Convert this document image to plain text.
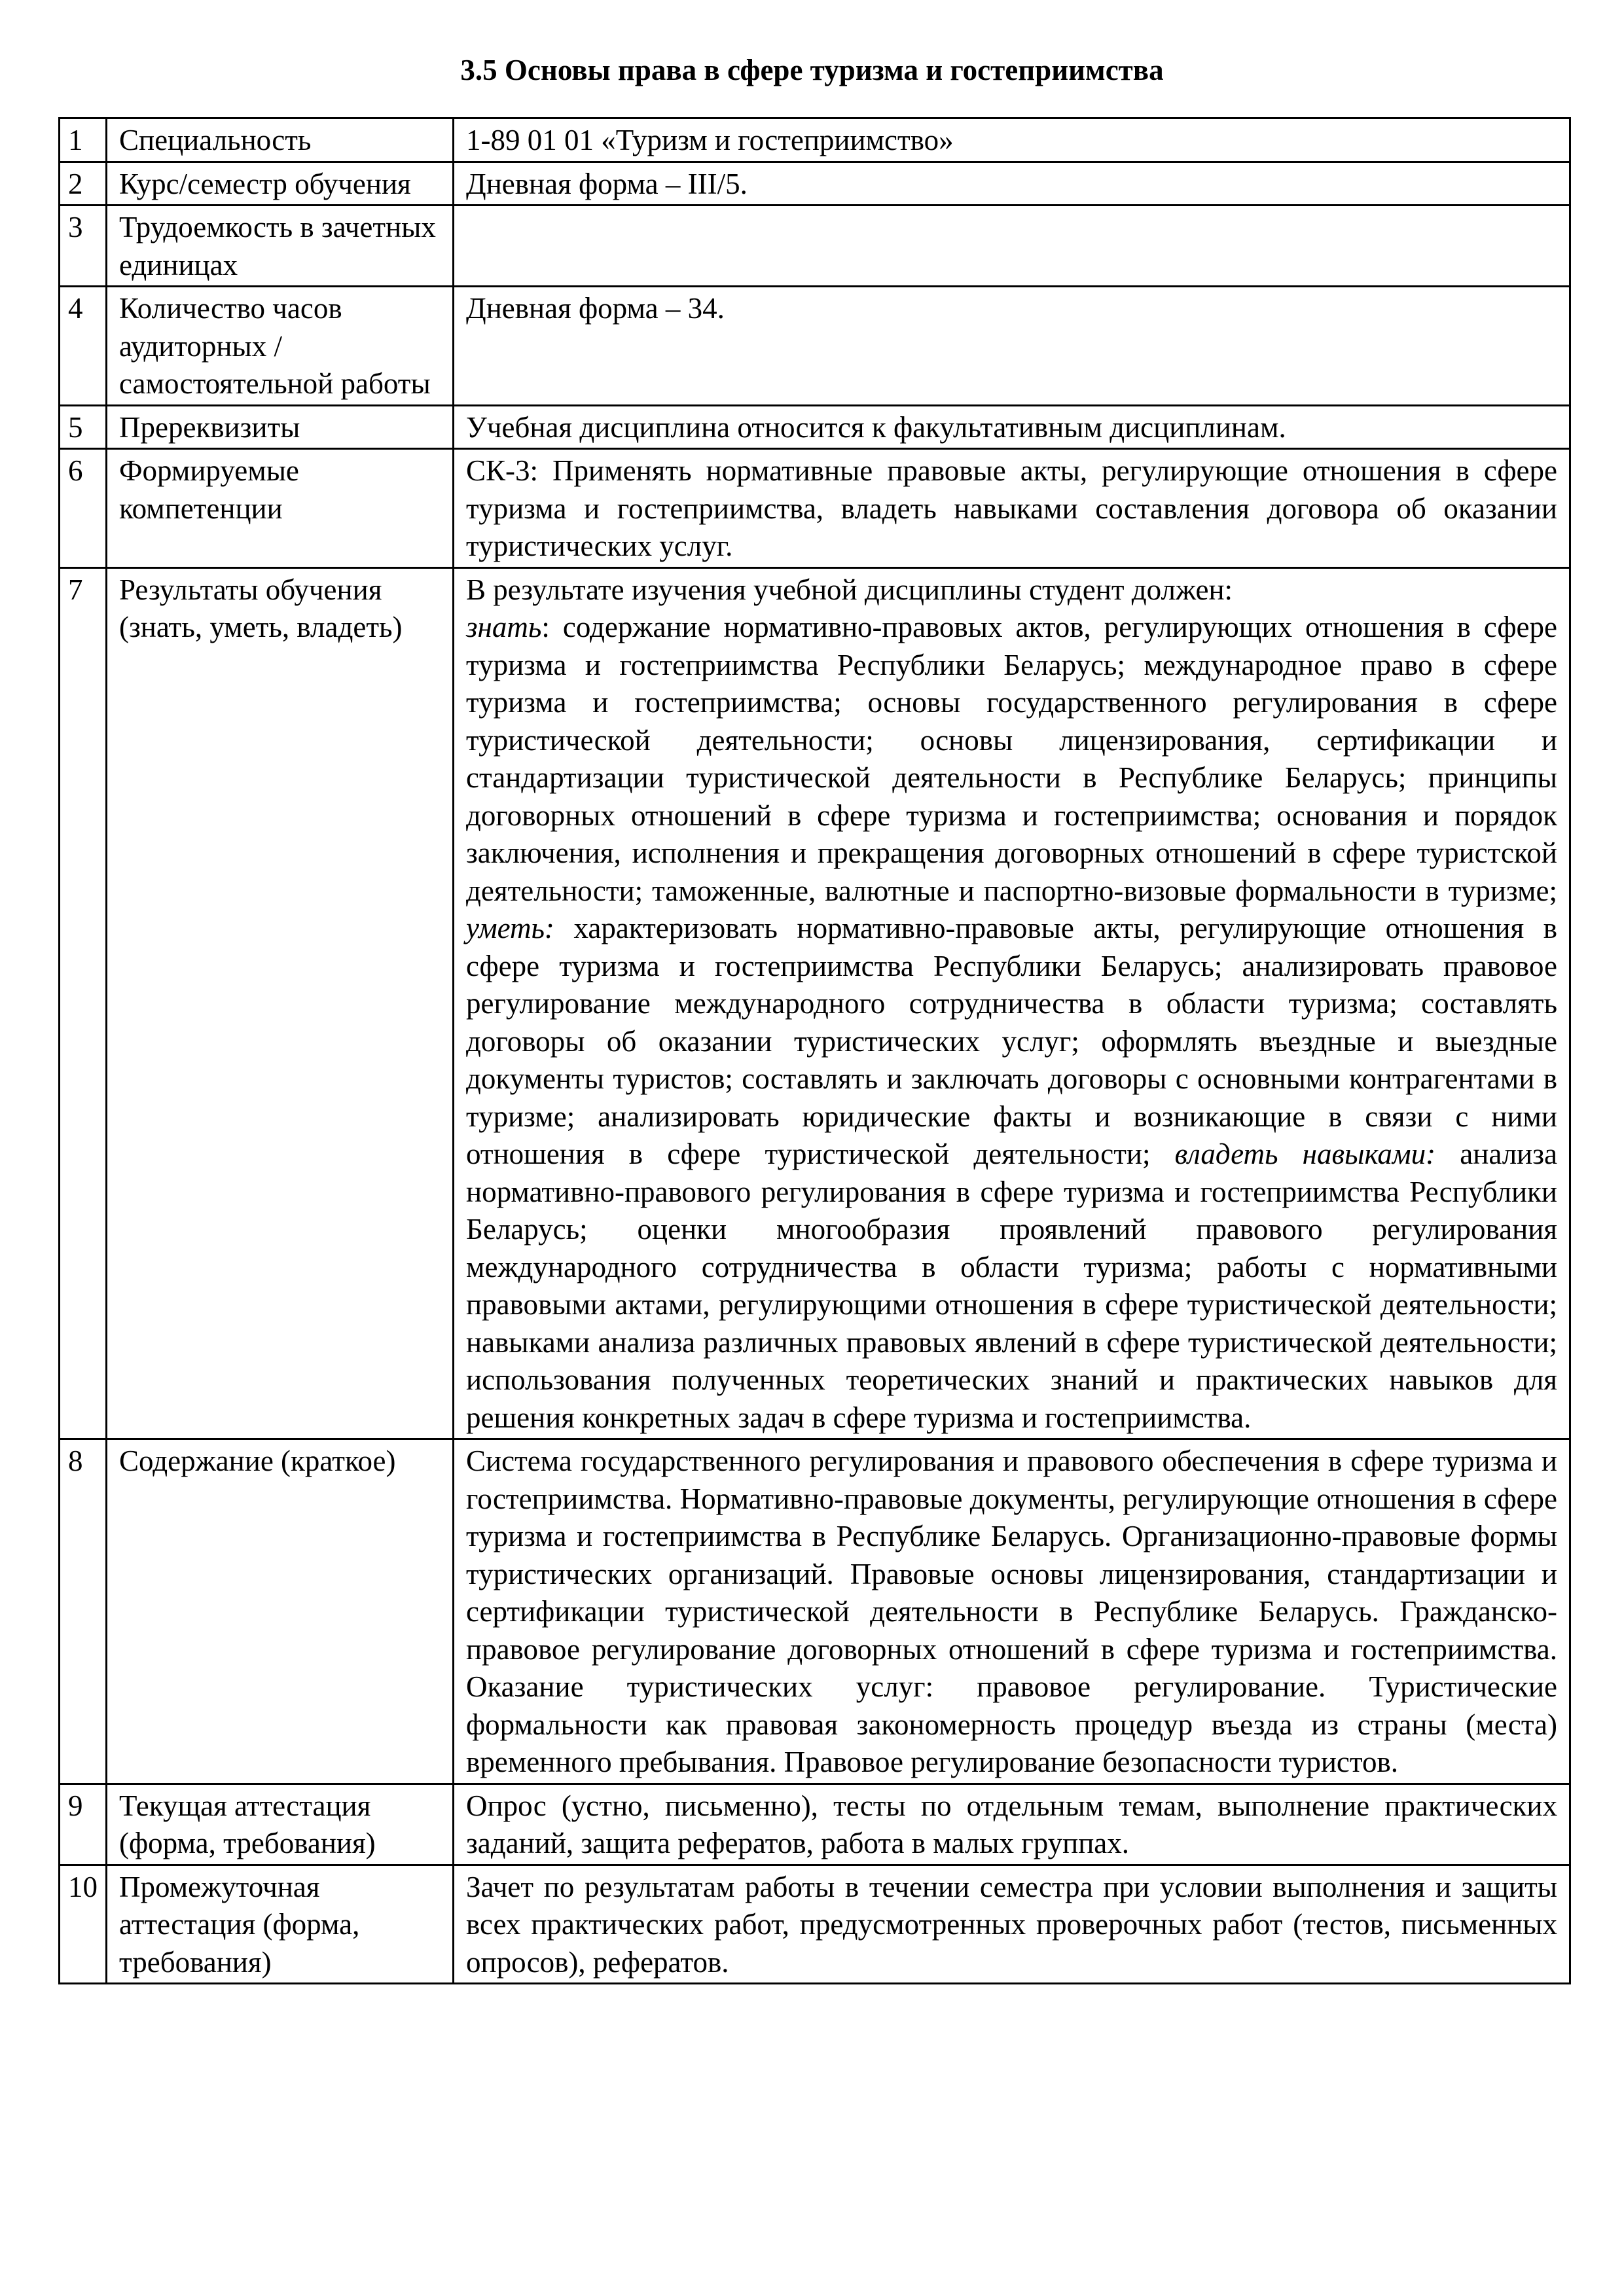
3.5 Основы права в сфере туризма и гостеприимства
1	Специальность	1-89 01 01 «Туризм и гостеприимство»
2	Курс/семестр обучения	Дневная форма – III/5.
3	Трудоемкость в зачетных единицах	
4	Количество часов аудиторных / самостоятельной работы	Дневная форма – 34.
5	Пререквизиты	Учебная дисциплина относится к факультативным дисциплинам.
6	Формируемые компетенции	СК-3: Применять нормативные правовые акты, регулирующие отношения в сфере туризма и гостеприимства, владеть навыками составления договора об оказании туристических услуг.
7	Результаты обучения (знать, уметь, владеть)	В результате изучения учебной дисциплины студент должен:

знать: содержание нормативно-правовых актов, регулирующих отношения в сфере туризма и гостеприимства Республики Беларусь; международное право в сфере туризма и гостеприимства; основы государственного регулирования в сфере туристической деятельности; основы лицензирования, сертификации и стандартизации туристической деятельности в Республике Беларусь; принципы договорных отношений в сфере туризма и гостеприимства; основания и порядок заключения, исполнения и прекращения договорных отношений в сфере туристской деятельности; таможенные, валютные и паспортно-визовые формальности в туризме; уметь: характеризовать нормативно-правовые акты, регулирующие отношения в сфере туризма и гостеприимства Республики Беларусь; анализировать правовое регулирование международного сотрудничества в области туризма; составлять договоры об оказании туристических услуг; оформлять въездные и выездные документы туристов; составлять и заключать договоры с основными контрагентами в туризме; анализировать юридические факты и возникающие в связи с ними отношения в сфере туристической деятельности; владеть навыками: анализа нормативно-правового регулирования в сфере туризма и гостеприимства Республики Беларусь; оценки многообразия проявлений правового регулирования международного сотрудничества в области туризма; работы с нормативными правовыми актами, регулирующими отношения в сфере туристической деятельности; навыками анализа различных правовых явлений в сфере туристической деятельности; использования полученных теоретических знаний и практических навыков для решения конкретных задач в сфере туризма и гостеприимства.

8	Содержание (краткое)	Система государственного регулирования и правового обеспечения в сфере туризма и гостеприимства. Нормативно-правовые документы, регулирующие отношения в сфере туризма и гостеприимства в Республике Беларусь. Организационно-правовые формы туристических организаций. Правовые основы лицензирования, стандартизации и сертификации туристической деятельности в Республике Беларусь. Гражданско-правовое регулирование договорных отношений в сфере туризма и гостеприимства. Оказание туристических услуг: правовое регулирование. Туристические формальности как правовая закономерность процедур въезда из страны (места) временного пребывания. Правовое регулирование безопасности туристов.
9	Текущая аттестация (форма, требования)	Опрос (устно, письменно), тесты по отдельным темам, выполнение практических заданий, защита рефератов, работа в малых группах.
10	Промежуточная аттестация (форма, требования)	Зачет по результатам работы в течении семестра при условии выполнения и защиты всех практических работ, предусмотренных проверочных работ (тестов, письменных опросов), рефератов.
